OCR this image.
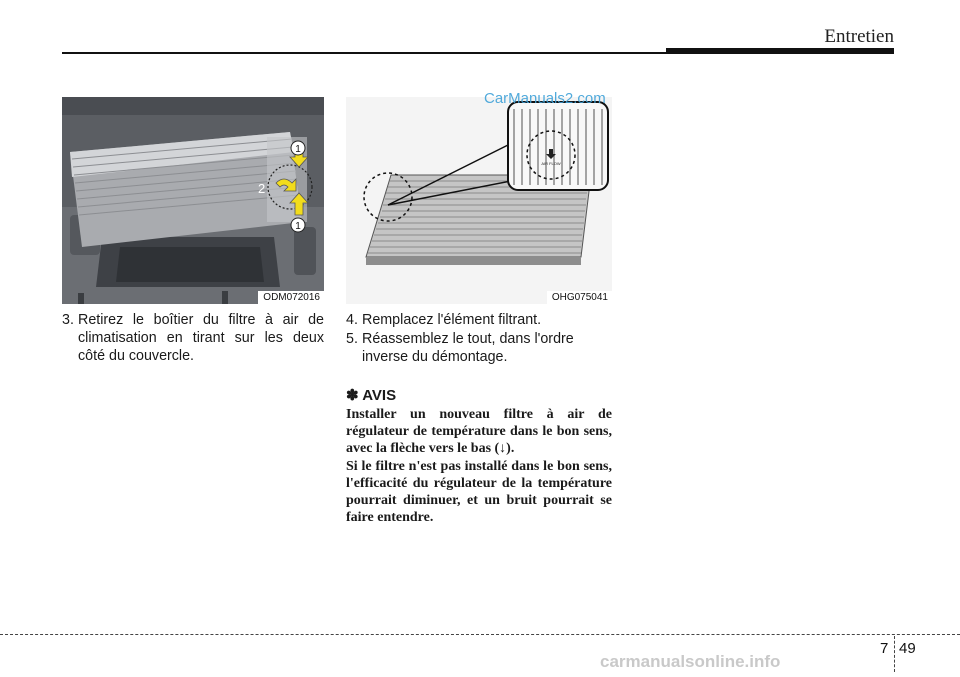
Entretien
1
2
1
ODM072016
AIR FLOW
OHG075041
CarManuals2.com
3. Retirez le boîtier du filtre à air de climatisation en tirant sur les deux côté du couvercle.
4. Remplacez l'élément filtrant.
5. Réassemblez le tout, dans l'ordre inverse du démontage.
✽ AVIS

Installer un nouveau filtre à air de régulateur de température dans le bon sens, avec la flèche vers le bas (↓).

Si le filtre n'est pas installé dans le bon sens, l'efficacité du régulateur de la température pourrait diminuer, et un bruit pourrait se faire entendre.

7 49
carmanualsonline.info
